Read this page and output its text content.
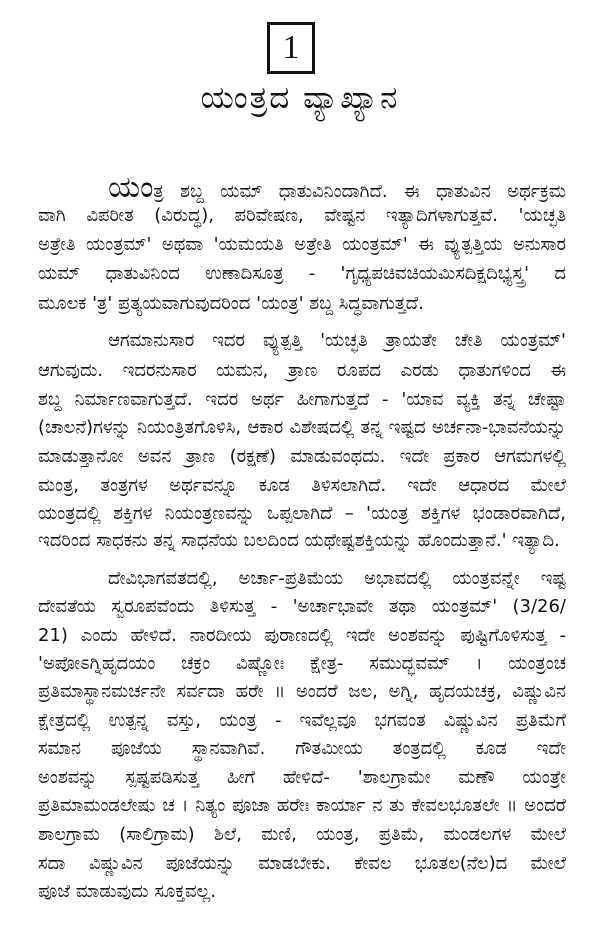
1
ಯಂತ್ರದ ವ್ಯಾಖ್ಯಾನ
ಯಂತ್ರ ಶಬ್ದ ಯಮ್ ಧಾತುವಿನಿಂದಾಗಿದೆ. ಈ ಧಾತುವಿನ ಅರ್ಥಕ್ರಮ
ವಾಗಿ ವಿಪರೀತ (ವಿರುದ್ಧ), ಪರಿವೇಷಣ, ವೇಷ್ಟನ ಇತ್ಯಾದಿಗಳಾಗುತ್ತವೆ. 'ಯಚ್ಛತಿ
ಅತ್ರೇತಿ ಯಂತ್ರಮ್' ಅಥವಾ 'ಯಮಯತಿ ಅತ್ರೇತಿ ಯಂತ್ರಮ್' ಈ ವ್ಯುತ್ಪತ್ತಿಯ ಅನುಸಾರ
ಯಮ್ ಧಾತುವಿನಿಂದ ಉಣಾದಿಸೂತ್ರ - 'ಗೃಧ್ಯಪಚಿವಚಿಯಮಿಸದಿಕ್ಷದಿಭ್ಯಸ್ತ್ರ' ದ
ಮೂಲಕ 'ತ್ರ' ಪ್ರತ್ಯಯವಾಗುವುದರಿಂದ 'ಯಂತ್ರ' ಶಬ್ದ ಸಿದ್ಧವಾಗುತ್ತದೆ.
ಆಗಮಾನುಸಾರ ಇದರ ವ್ಯುತ್ಪತ್ತಿ 'ಯಚ್ಛತಿ ತ್ರಾಯತೇ ಚೇತಿ ಯಂತ್ರಮ್'
ಆಗುವುದು. ಇದರನುಸಾರ ಯಮನ, ತ್ರಾಣ ರೂಪದ ಎರಡು ಧಾತುಗಳಿಂದ ಈ
ಶಬ್ದ ನಿರ್ಮಾಣವಾಗುತ್ತದೆ. ಇದರ ಅರ್ಥ ಹೀಗಾಗುತ್ತದೆ - 'ಯಾವ ವ್ಯಕ್ತಿ ತನ್ನ ಚೇಷ್ಟಾ
(ಚಾಲನೆ)ಗಳನ್ನು ನಿಯಂತ್ರಿತಗೊಳಿಸಿ, ಆಕಾರ ವಿಶೇಷದಲ್ಲಿ ತನ್ನ ಇಷ್ಟದ ಅರ್ಚನಾ-ಭಾವನೆಯನ್ನು
ಮಾಡುತ್ತಾನೋ ಅವನ ತ್ರಾಣ (ರಕ್ಷಣೆ) ಮಾಡುವಂಥದು. ಇದೇ ಪ್ರಕಾರ ಆಗಮಗಳಲ್ಲಿ
ಮಂತ್ರ, ತಂತ್ರಗಳ ಅರ್ಥವನ್ನೂ ಕೂಡ ತಿಳಿಸಲಾಗಿದೆ. ಇದೇ ಆಧಾರದ ಮೇಲೆ
ಯಂತ್ರದಲ್ಲಿ ಶಕ್ತಿಗಳ ನಿಯಂತ್ರಣವನ್ನು ಒಪ್ಪಲಾಗಿದೆ – 'ಯಂತ್ರ ಶಕ್ತಿಗಳ ಭಂಡಾರವಾಗಿದೆ,
ಇದರಿಂದ ಸಾಧಕನು ತನ್ನ ಸಾಧನೆಯ ಬಲದಿಂದ ಯಥೇಷ್ಟಶಕ್ತಿಯನ್ನು ಹೊಂದುತ್ತಾನೆ.' ಇತ್ಯಾದಿ.
ದೇವಿಭಾಗವತದಲ್ಲಿ, ಅರ್ಚಾ-ಪ್ರತಿಮೆಯ ಅಭಾವದಲ್ಲಿ ಯಂತ್ರವನ್ನೇ ಇಷ್ಟ
ದೇವತೆಯ ಸ್ವರೂಪವೆಂದು ತಿಳಿಸುತ್ತ - 'ಅರ್ಚಾಭಾವೇ ತಥಾ ಯಂತ್ರಮ್' (3/26/
21) ಎಂದು ಹೇಳಿದೆ. ನಾರದೀಯ ಪುರಾಣದಲ್ಲಿ ಇದೇ ಅಂಶವನ್ನು ಪುಷ್ಟಿಗೊಳಿಸುತ್ತ -
'ಅಪೋಽಗ್ನಿಹೃದಯಂ ಚಕ್ರಂ ವಿಷ್ಣೋಃ ಕ್ಷೇತ್ರ- ಸಮುದ್ಭವಮ್ । ಯಂತ್ರಂಚ
ಪ್ರತಿಮಾಸ್ಥಾನಮರ್ಚನೇ ಸರ್ವದಾ ಹರೇ ॥ ಅಂದರೆ ಜಲ, ಅಗ್ನಿ, ಹೃದಯಚಕ್ರ, ವಿಷ್ಣುವಿನ
ಕ್ಷೇತ್ರದಲ್ಲಿ ಉತ್ಪನ್ನ ವಸ್ತು, ಯಂತ್ರ - ಇವೆಲ್ಲವೂ ಭಗವಂತ ವಿಷ್ಣುವಿನ ಪ್ರತಿಮೆಗೆ
ಸಮಾನ ಪೂಜೆಯ ಸ್ಥಾನವಾಗಿವೆ. ಗೌತಮೀಯ ತಂತ್ರದಲ್ಲಿ ಕೂಡ ಇದೇ
ಅಂಶವನ್ನು ಸ್ಪಷ್ಟಪಡಿಸುತ್ತ ಹೀಗೆ ಹೇಳಿದೆ- 'ಶಾಲಗ್ರಾಮೇ ಮಣೌ ಯಂತ್ರೇ
ಪ್ರತಿಮಾಮಂಡಲೇಷು ಚ । ನಿತ್ಯಂ ಪೂಜಾ ಹರೇಃ ಕಾರ್ಯಾ ನ ತು ಕೇವಲಭೂತಲೇ ॥ ಅಂದರೆ
ಶಾಲಗ್ರಾಮ (ಸಾಲಿಗ್ರಾಮ) ಶಿಲೆ, ಮಣಿ, ಯಂತ್ರ, ಪ್ರತಿಮೆ, ಮಂಡಲಗಳ ಮೇಲೆ
ಸದಾ ವಿಷ್ಣುವಿನ ಪೂಜೆಯನ್ನು ಮಾಡಬೇಕು. ಕೇವಲ ಭೂತಲ(ನೆಲ)ದ ಮೇಲೆ
ಪೂಜೆ ಮಾಡುವುದು ಸೂಕ್ತವಲ್ಲ.
